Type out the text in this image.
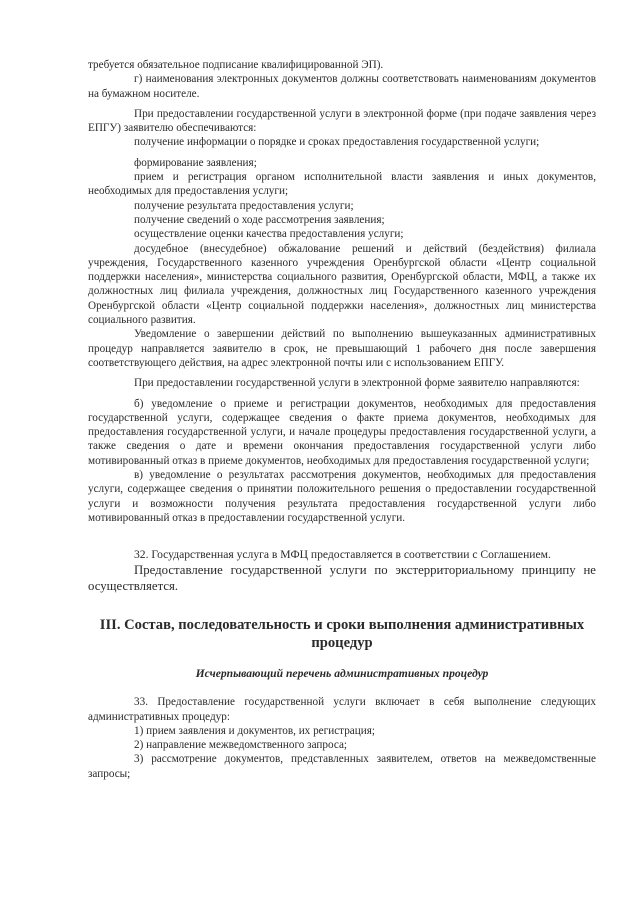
требуется обязательное подписание квалифицированной ЭП).

г) наименования электронных документов должны соответствовать наименованиям документов на бумажном носителе.

При предоставлении государственной услуги в электронной форме (при подаче заявления через ЕПГУ) заявителю обеспечиваются:

получение информации о порядке и сроках предоставления государственной услуги;

формирование заявления;

прием и регистрация органом исполнительной власти заявления и иных документов, необходимых для предоставления услуги;

получение результата предоставления услуги;

получение сведений о ходе рассмотрения заявления;

осуществление оценки качества предоставления услуги;

досудебное (внесудебное) обжалование решений и действий (бездействия) филиала учреждения, Государственного казенного учреждения Оренбургской области «Центр социальной поддержки населения», министерства социального развития, Оренбургской области, МФЦ, а также их должностных лиц филиала учреждения, должностных лиц Государственного казенного учреждения Оренбургской области «Центр социальной поддержки населения», должностных лиц министерства социального развития.

Уведомление о завершении действий по выполнению вышеуказанных административных процедур направляется заявителю в срок, не превышающий 1 рабочего дня после завершения соответствующего действия, на адрес электронной почты или с использованием ЕПГУ.

При предоставлении государственной услуги в электронной форме заявителю направляются:

б) уведомление о приеме и регистрации документов, необходимых для предоставления государственной услуги, содержащее сведения о факте приема документов, необходимых для предоставления государственной услуги, и начале процедуры предоставления государственной услуги, а также сведения о дате и времени окончания предоставления государственной услуги либо мотивированный отказ в приеме документов, необходимых для предоставления государственной услуги;

в) уведомление о результатах рассмотрения документов, необходимых для предоставления услуги, содержащее сведения о принятии положительного решения о предоставлении государственной услуги и возможности получения результата предоставления государственной услуги либо мотивированный отказ в предоставлении государственной услуги.

32. Государственная услуга в МФЦ предоставляется в соответствии с Соглашением.

Предоставление государственной услуги по экстерриториальному принципу не осуществляется.

III. Состав, последовательность и сроки выполнения административных процедур
Исчерпывающий перечень административных процедур

33. Предоставление государственной услуги включает в себя выполнение следующих административных процедур:

1) прием заявления и документов, их регистрация;

2) направление межведомственного запроса;

3) рассмотрение документов, представленных заявителем, ответов на межведомственные запросы;
